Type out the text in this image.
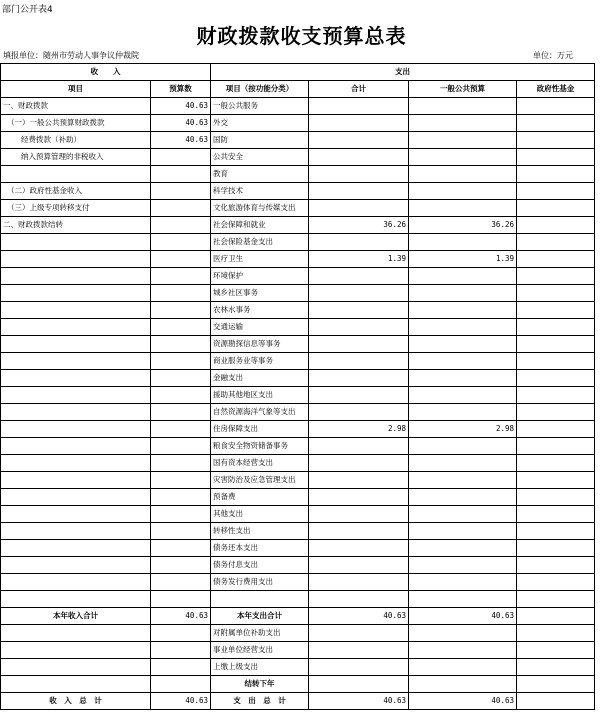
部门公开表4
财政拨款收支预算总表
填报单位：随州市劳动人事争议仲裁院	单位：万元
收　　入		支出			
项目	预算数	项目（按功能分类）	合计	一般公共预算	政府性基金
一、财政拨款	40.63	一般公共服务			
（一）一般公共预算财政拨款	40.63	外交			
经费拨款（补助）	40.63	国防			
纳入预算管理的非税收入		公共安全			
		教育			
（二）政府性基金收入		科学技术			
（三）上级专项转移支付		文化旅游体育与传媒支出			
二、财政拨款结转		社会保障和就业	36.26	36.26	
		社会保险基金支出			
		医疗卫生	1.39	1.39	
		环境保护			
		城乡社区事务			
		农林水事务			
		交通运输			
		资源勘探信息等事务			
		商业服务业等事务			
		金融支出			
		援助其他地区支出			
		自然资源海洋气象等支出			
		住房保障支出	2.98	2.98	
		粮食安全物资储备事务			
		国有资本经营支出			
		灾害防治及应急管理支出			
		预备费			
		其他支出			
		转移性支出			
		债务还本支出			
		债务付息支出			
		债务发行费用支出			

本年收入合计	40.63	本年支出合计	40.63	40.63	
		对附属单位补助支出			
		事业单位经营支出			
		上缴上级支出			
		结转下年			
收　入　总　计	40.63	支　出　总　计	40.63	40.63	
